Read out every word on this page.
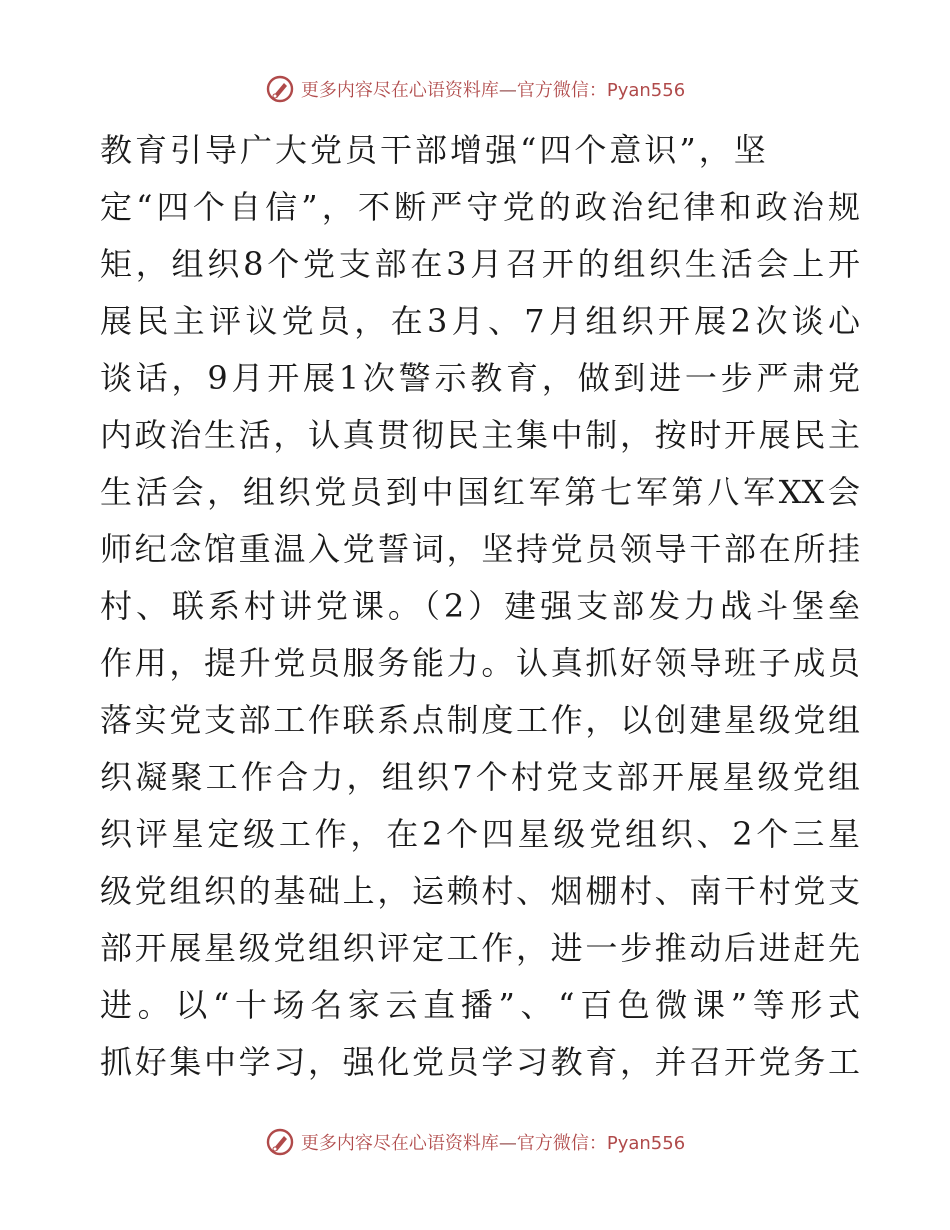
更多内容尽在心语资料库—官方微信：Pyan556
教育引导广大党员干部增强“四个意识”，坚
定“四个自信”，不断严守党的政治纪律和政治规
矩，组织8个党支部在3月召开的组织生活会上开
展民主评议党员，在3月、7月组织开展2次谈心
谈话，9月开展1次警示教育，做到进一步严肃党
内政治生活，认真贯彻民主集中制，按时开展民主
生活会，组织党员到中国红军第七军第八军XX会
师纪念馆重温入党誓词，坚持党员领导干部在所挂
村、联系村讲党课。（2）建强支部发力战斗堡垒
作用，提升党员服务能力。认真抓好领导班子成员
落实党支部工作联系点制度工作，以创建星级党组
织凝聚工作合力，组织7个村党支部开展星级党组
织评星定级工作，在2个四星级党组织、2个三星
级党组织的基础上，运赖村、烟棚村、南干村党支
部开展星级党组织评定工作，进一步推动后进赶先
进。以“十场名家云直播”、“百色微课”等形式
抓好集中学习，强化党员学习教育，并召开党务工
更多内容尽在心语资料库—官方微信：Pyan556
